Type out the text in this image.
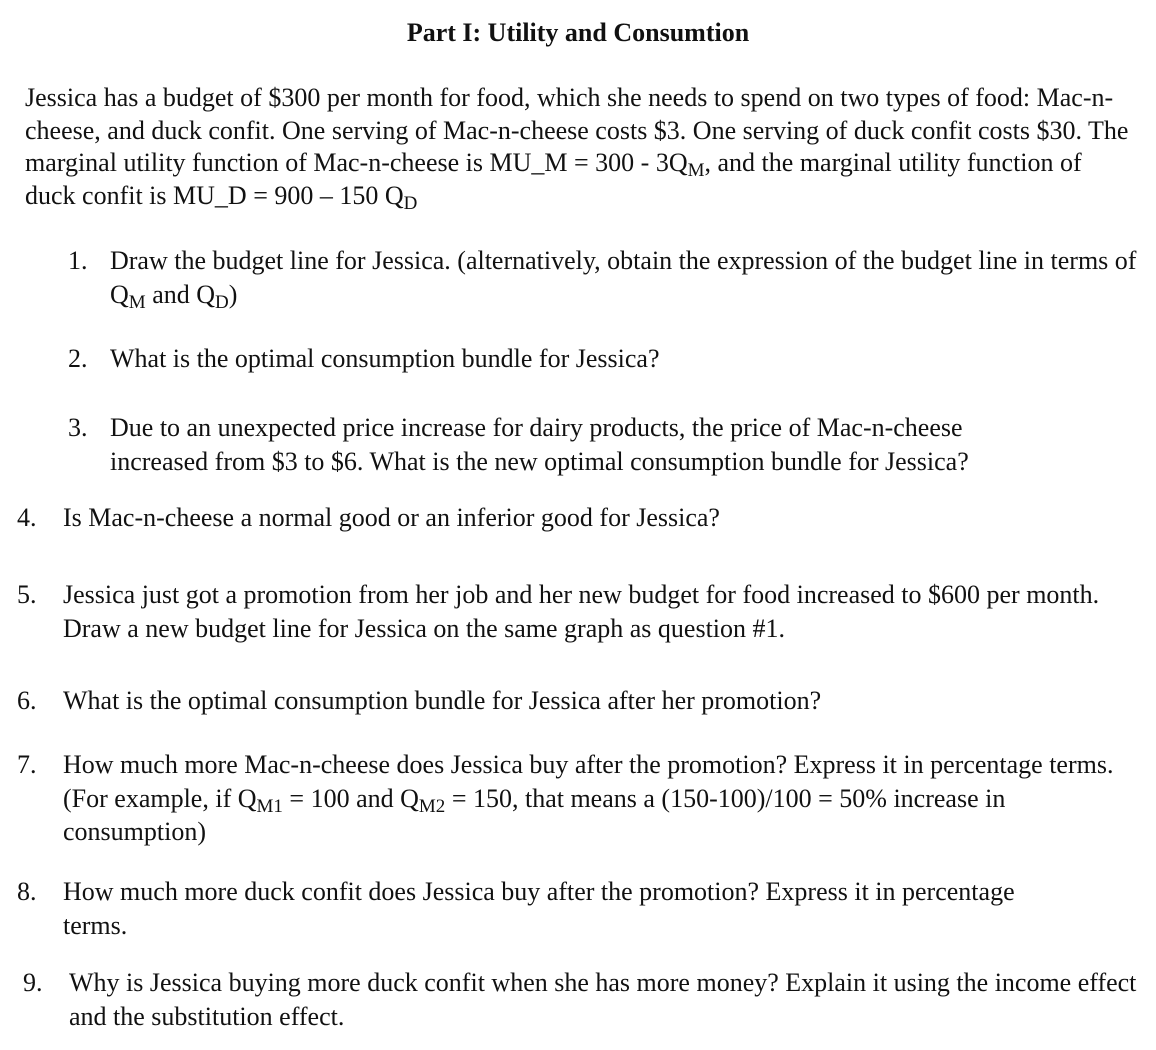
Part I: Utility and Consumtion
Jessica has a budget of $300 per month for food, which she needs to spend on two types of food: Mac-n-cheese, and duck confit. One serving of Mac-n-cheese costs $3. One serving of duck confit costs $30. The marginal utility function of Mac-n-cheese is MU_M = $300 - 3Q_M$, and the marginal utility function of duck confit is MU_D = 900 – 150 $Q_D$
1. Draw the budget line for Jessica. (alternatively, obtain the expression of the budget line in terms of $Q_M$ and $Q_D$)
2. What is the optimal consumption bundle for Jessica?
3. Due to an unexpected price increase for dairy products, the price of Mac-n-cheese increased from $3 to $6. What is the new optimal consumption bundle for Jessica?
4.	Is Mac-n-cheese a normal good or an inferior good for Jessica?
5.	Jessica just got a promotion from her job and her new budget for food increased to $600 per month. Draw a new budget line for Jessica on the same graph as question #1.
6.	What is the optimal consumption bundle for Jessica after her promotion?
7.	How much more Mac-n-cheese does Jessica buy after the promotion? Express it in percentage terms. (For example, if $Q_{M1} = 100$ and $Q_{M2} = 150$, that means a (150-100)/100 = 50% increase in consumption)
8.	How much more duck confit does Jessica buy after the promotion? Express it in percentage terms.
9.	Why is Jessica buying more duck confit when she has more money? Explain it using the income effect and the substitution effect.
